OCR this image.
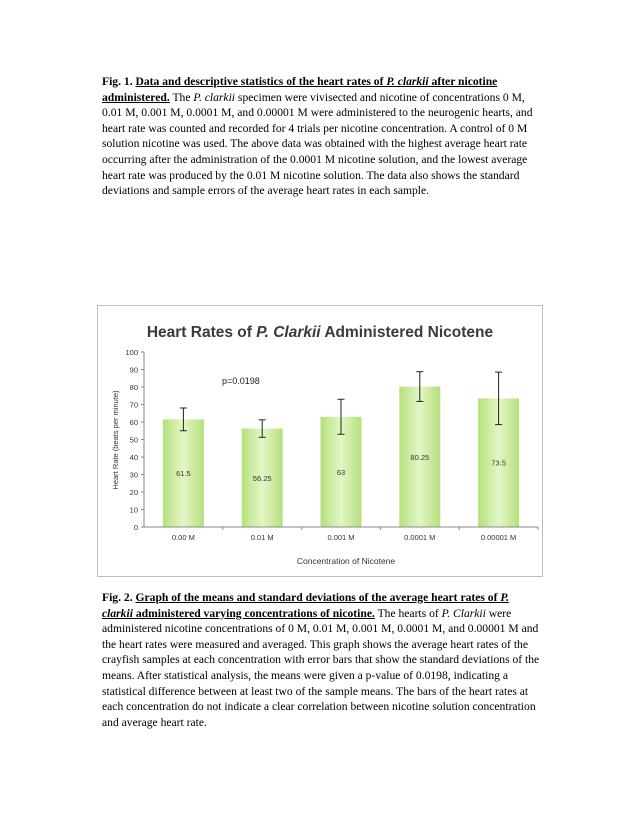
Fig. 1. Data and descriptive statistics of the heart rates of P. clarkii after nicotine administered. The P. clarkii specimen were vivisected and nicotine of concentrations 0 M, 0.01 M, 0.001 M, 0.0001 M, and 0.00001 M were administered to the neurogenic hearts, and heart rate was counted and recorded for 4 trials per nicotine concentration. A control of 0 M solution nicotine was used. The above data was obtained with the highest average heart rate occurring after the administration of the 0.0001 M nicotine solution, and the lowest average heart rate was produced by the 0.01 M nicotine solution. The data also shows the standard deviations and sample errors of the average heart rates in each sample.
Heart Rates of P. Clarkii Administered Nicotene
Heart Rate (beats per minute)
Concentration of Nicotene
p=0.0198
0
10
20
30
40
50
60
70
80
90
100
61.5
56.25
63
80.25
73.5
0.00 M	0.01 M	0.001 M	0.0001 M	0.00001 M
Fig. 2. Graph of the means and standard deviations of the average heart rates of P. clarkii administered varying concentrations of nicotine. The hearts of P. Clarkii were administered nicotine concentrations of 0 M, 0.01 M, 0.001 M, 0.0001 M, and 0.00001 M and the heart rates were measured and averaged. This graph shows the average heart rates of the crayfish samples at each concentration with error bars that show the standard deviations of the means. After statistical analysis, the means were given a p-value of 0.0198, indicating a statistical difference between at least two of the sample means. The bars of the heart rates at each concentration do not indicate a clear correlation between nicotine solution concentration and average heart rate.
